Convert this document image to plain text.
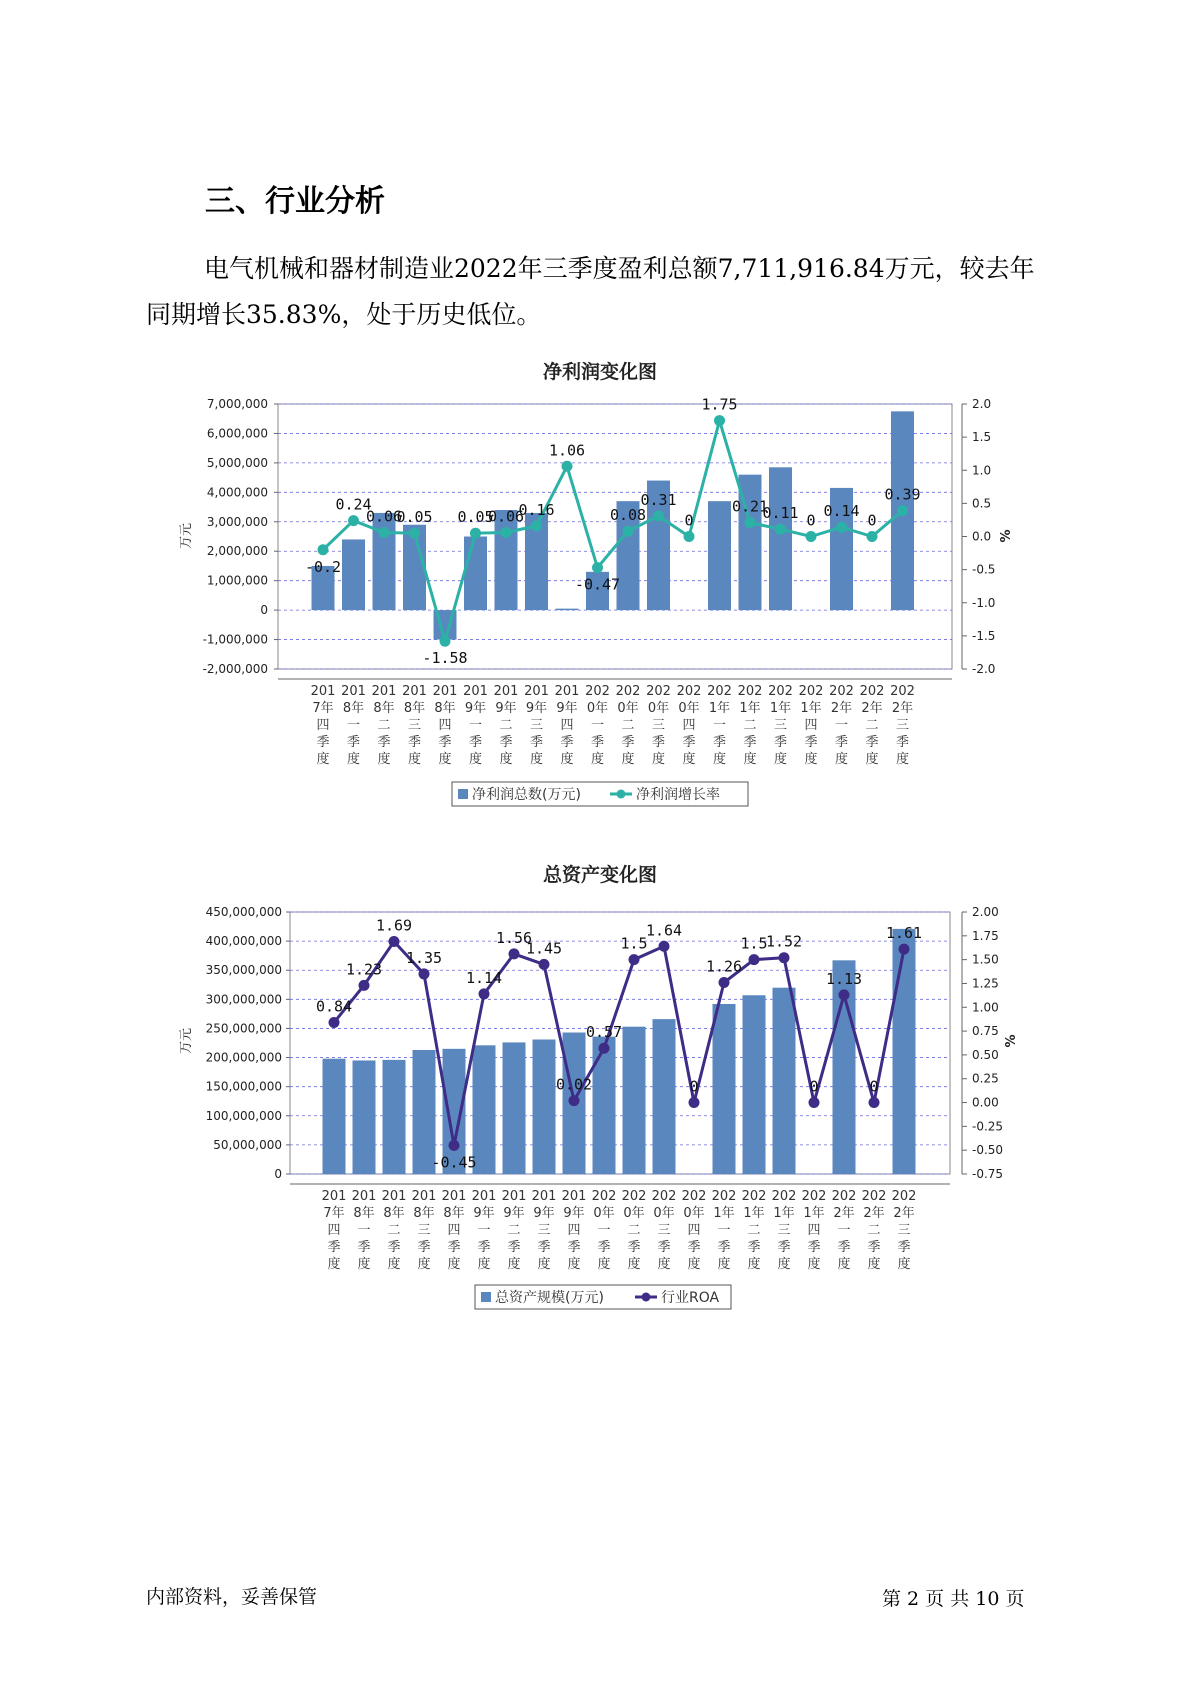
三、行业分析

电气机械和器材制造业2022年三季度盈利总额7,711,916.84万元，较去年同期增长35.83%，处于历史低位。

净利润变化图
-2,000,000
-1,000,000
0
1,000,000
2,000,000
3,000,000
4,000,000
5,000,000
6,000,000
7,000,000
-2.0
-1.5
-1.0
-0.5
0.0
0.5
1.0
1.5
2.0
万元	%
201
7年
四
季
度
201
8年
一
季
度
201
8年
二
季
度
201
8年
三
季
度
201
8年
四
季
度
201
9年
一
季
度
201
9年
二
季
度
201
9年
三
季
度
201
9年
四
季
度
202
0年
一
季
度
202
0年
二
季
度
202
0年
三
季
度
202
0年
四
季
度
202
1年
一
季
度
202
1年
二
季
度
202
1年
三
季
度
202
1年
四
季
度
202
2年
一
季
度
202
2年
二
季
度
202
2年
三
季
度
-0.2
0.24
0.06
0.05
-1.58
0.05
0.06
0.16
1.06
-0.47
0.08
0.31
0
1.75
0.21
0.11 0
0.14
0
0.39
净利润总数(万元)	净利润增长率
总资产变化图
0
50,000,000
100,000,000
150,000,000
200,000,000
250,000,000
300,000,000
350,000,000
400,000,000
450,000,000
-0.75
-0.50
-0.25
0.00
0.25
0.50
0.75
1.00
1.25
1.50
1.75
2.00
万元	%
201
7年
四
季
度
201
8年
一
季
度
201
8年
二
季
度
201
8年
三
季
度
201
8年
四
季
度
201
9年
一
季
度
201
9年
二
季
度
201
9年
三
季
度
201
9年
四
季
度
202
0年
一
季
度
202
0年
二
季
度
202
0年
三
季
度
202
0年
四
季
度
202
1年
一
季
度
202
1年
二
季
度
202
1年
三
季
度
202
1年
四
季
度
202
2年
一
季
度
202
2年
二
季
度
202
2年
三
季
度
0.84
1.23
1.69
1.35
-0.45
1.14
1.56
1.45
0.02
0.57
1.5
1.64
0
1.26
1.5
1.52
0
1.13
0
1.61
总资产规模(万元)	行业ROA
内部资料，妥善保管	第 2 页 共 10 页
